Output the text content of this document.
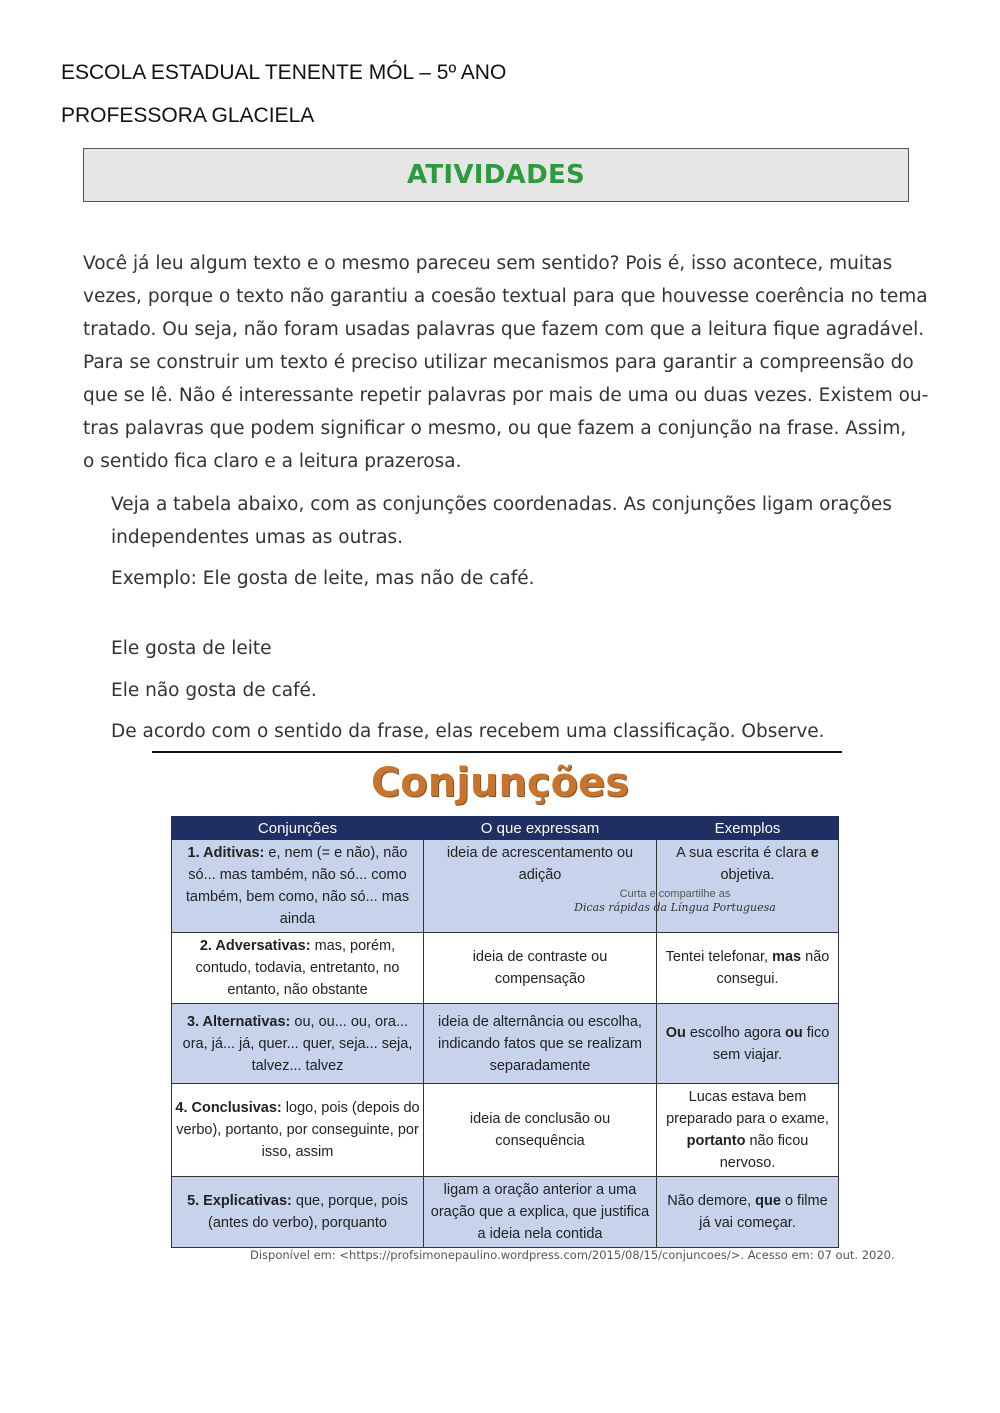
ESCOLA ESTADUAL TENENTE MÓL – 5º ANO
PROFESSORA GLACIELA
ATIVIDADES
Você já leu algum texto e o mesmo pareceu sem sentido? Pois é, isso acontece, muitas
vezes, porque o texto não garantiu a coesão textual para que houvesse coerência no tema
tratado. Ou seja, não foram usadas palavras que fazem com que a leitura fique agradável.
Para se construir um texto é preciso utilizar mecanismos para garantir a compreensão do
que se lê. Não é interessante repetir palavras por mais de uma ou duas vezes. Existem ou-
tras palavras que podem significar o mesmo, ou que fazem a conjunção na frase. Assim,
o sentido fica claro e a leitura prazerosa.
Veja a tabela abaixo, com as conjunções coordenadas. As conjunções ligam orações
independentes umas as outras.
Exemplo: Ele gosta de leite, mas não de café.
Ele gosta de leite
Ele não gosta de café.
De acordo com o sentido da frase, elas recebem uma classificação. Observe.
Conjunções
Conjunções	O que expressam	Exemplos
1. Aditivas: e, nem (= e não), não só... mas também, não só... como também, bem como, não só... mas ainda	ideia de acrescentamento ou adição	A sua escrita é clara e objetiva.
2. Adversativas: mas, porém, contudo, todavia, entretanto, no entanto, não obstante	ideia de contraste ou compensação	Tentei telefonar, mas não consegui.
3. Alternativas: ou, ou... ou, ora... ora, já... já, quer... quer, seja... seja, talvez... talvez	ideia de alternância ou escolha, indicando fatos que se realizam separadamente	Ou escolho agora ou fico sem viajar.
4. Conclusivas: logo, pois (depois do verbo), portanto, por conseguinte, por isso, assim	ideia de conclusão ou consequência	Lucas estava bem preparado para o exame, portanto não ficou nervoso.
5. Explicativas: que, porque, pois (antes do verbo), porquanto	ligam a oração anterior a uma oração que a explica, que justifica a ideia nela contida	Não demore, que o filme já vai começar.
Curta e compartilhe as
Dicas rápidas da Língua Portuguesa
Disponível em: <https://profsimonepaulino.wordpress.com/2015/08/15/conjuncoes/>. Acesso em: 07 out. 2020.
